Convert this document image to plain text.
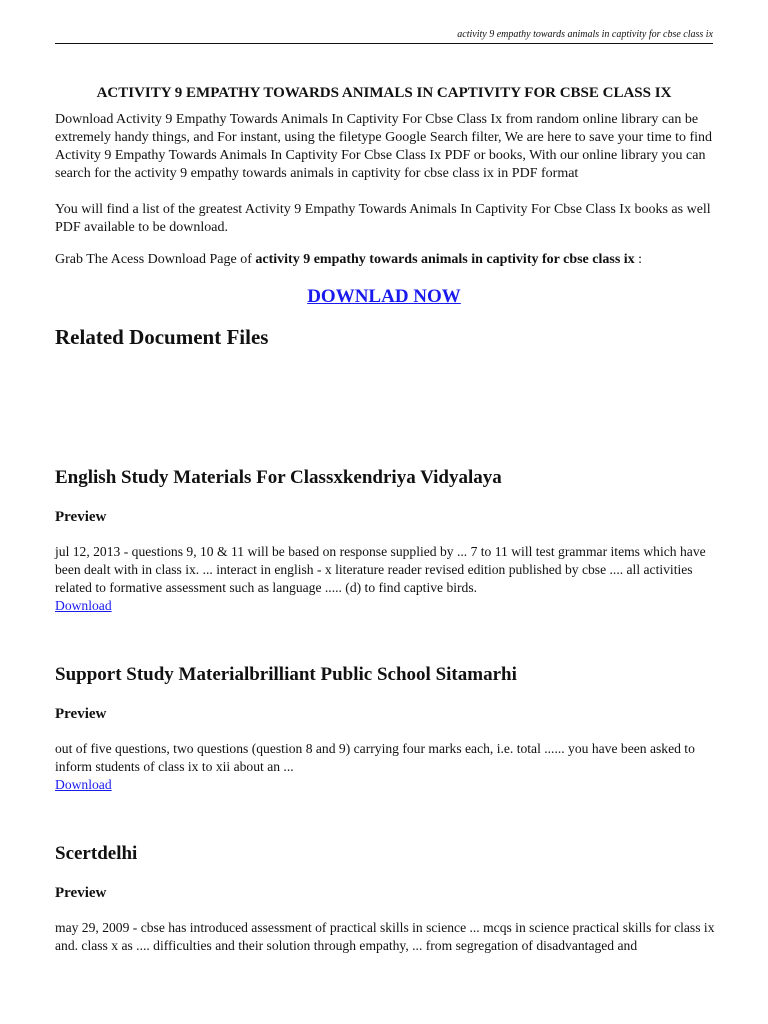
activity 9 empathy towards animals in captivity for cbse class ix
ACTIVITY 9 EMPATHY TOWARDS ANIMALS IN CAPTIVITY FOR CBSE CLASS IX

Download Activity 9 Empathy Towards Animals In Captivity For Cbse Class Ix from random online library can be extremely handy things, and For instant, using the filetype Google Search filter, We are here to save your time to find Activity 9 Empathy Towards Animals In Captivity For Cbse Class Ix PDF or books, With our online library you can search for the activity 9 empathy towards animals in captivity for cbse class ix in PDF format

You will find a list of the greatest Activity 9 Empathy Towards Animals In Captivity For Cbse Class Ix books as well PDF available to be download.

Grab The Acess Download Page of activity 9 empathy towards animals in captivity for cbse class ix :

DOWNLAD NOW
Related Document Files
English Study Materials For Classxkendriya Vidyalaya
Preview

jul 12, 2013 - questions 9, 10 & 11 will be based on response supplied by ... 7 to 11 will test grammar items which have been dealt with in class ix. ... interact in english - x literature reader revised edition published by cbse .... all activities related to formative assessment such as language ..... (d) to find captive birds.

Download
Support Study Materialbrilliant Public School Sitamarhi
Preview

out of five questions, two questions (question 8 and 9) carrying four marks each, i.e. total ...... you have been asked to inform students of class ix to xii about an ...

Download
Scertdelhi
Preview

may 29, 2009 - cbse has introduced assessment of practical skills in science ... mcqs in science practical skills for class ix and. class x as .... difficulties and their solution through empathy, ... from segregation of disadvantaged and
